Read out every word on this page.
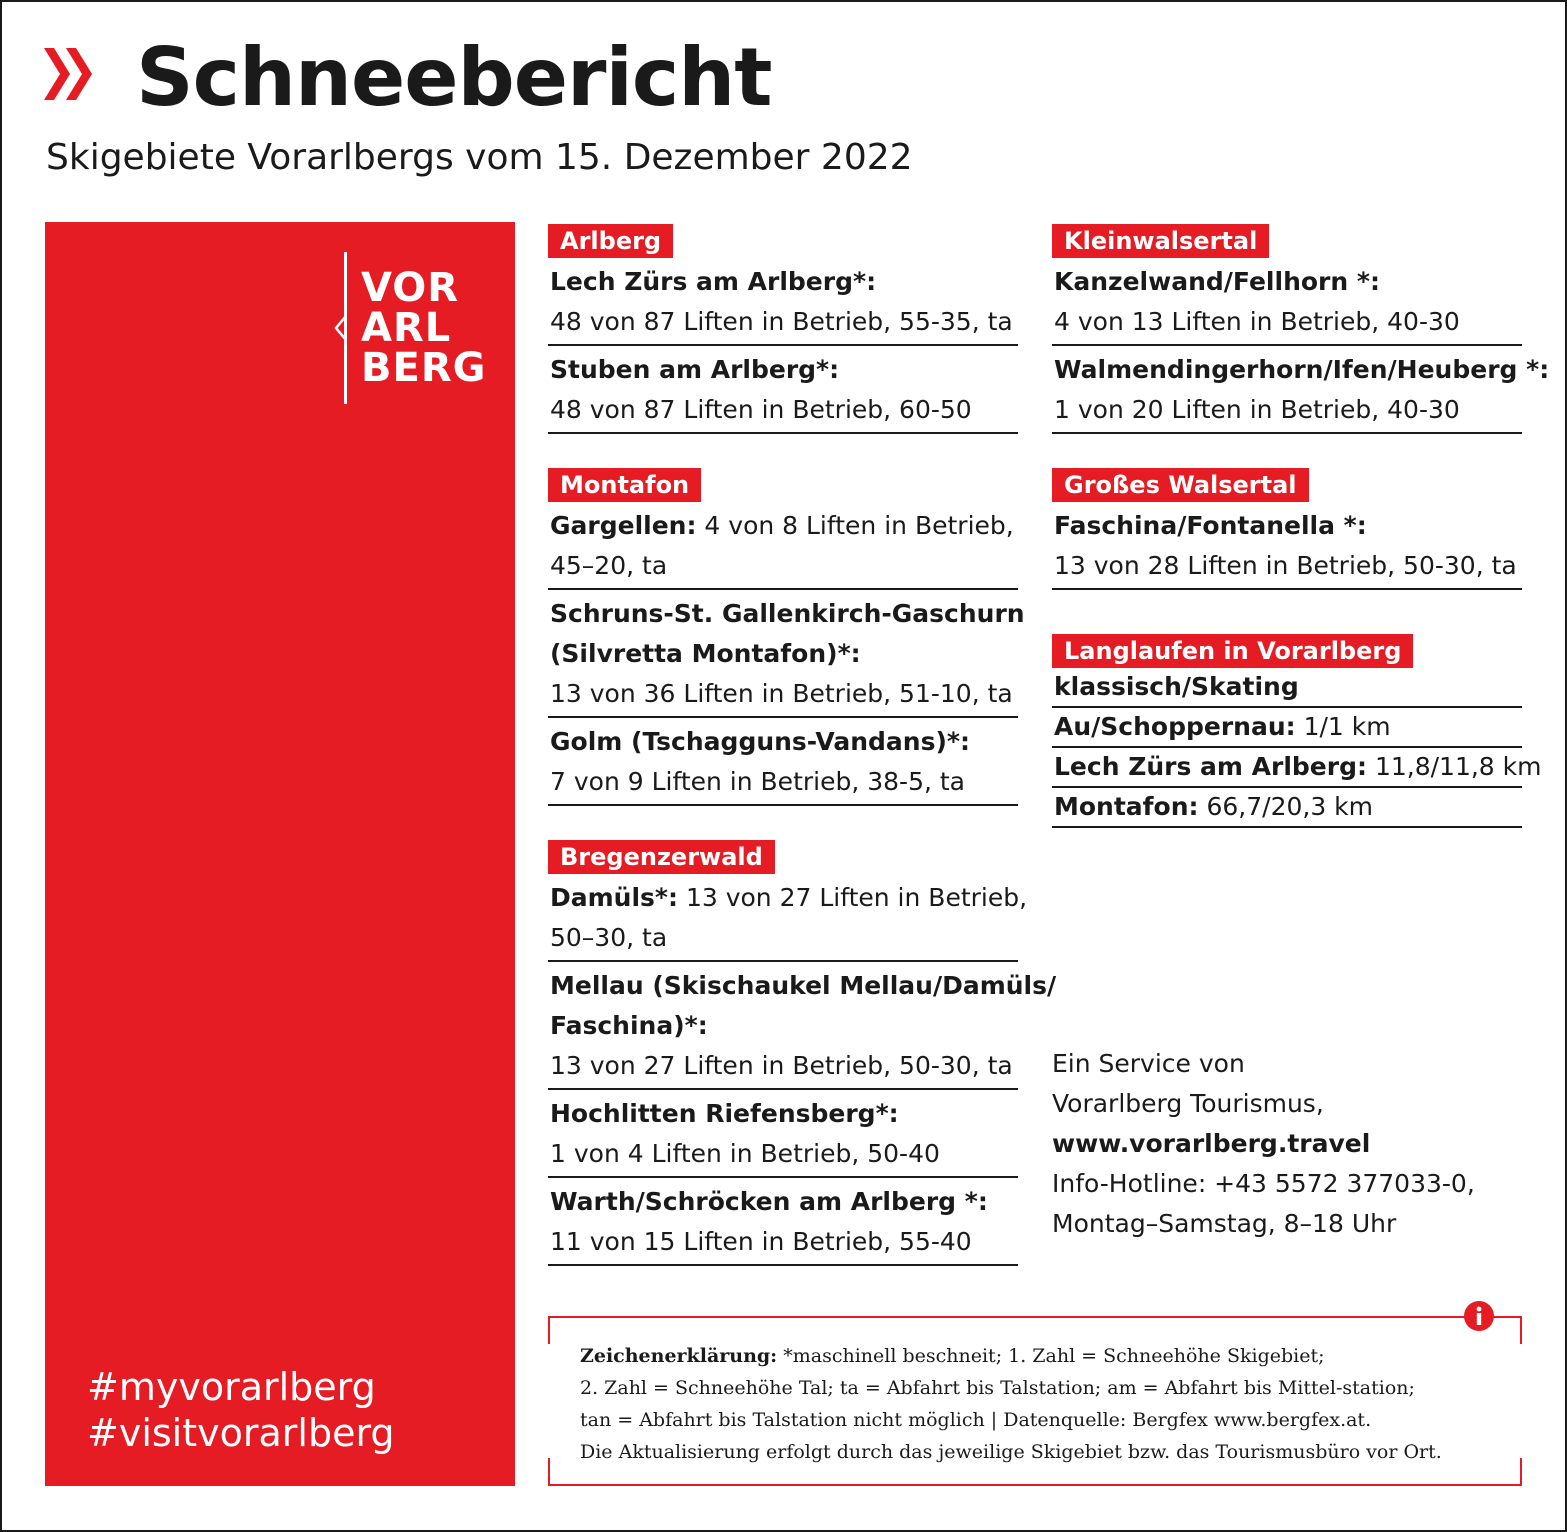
Schneebericht
Skigebiete Vorarlbergs vom 15. Dezember 2022
VOR
ARL
BERG
#myvorarlberg
#visitvorarlberg
Arlberg
Lech Zürs am Arlberg*:
48 von 87 Liften in Betrieb, 55-35, ta
Stuben am Arlberg*:
48 von 87 Liften in Betrieb, 60-50
Montafon
Gargellen: 4 von 8 Liften in Betrieb,
45–20, ta
Schruns-St. Gallenkirch-Gaschurn
(Silvretta Montafon)*:
13 von 36 Liften in Betrieb, 51-10, ta
Golm (Tschagguns-Vandans)*:
7 von 9 Liften in Betrieb, 38-5, ta
Bregenzerwald
Damüls*: 13 von 27 Liften in Betrieb,
50–30, ta
Mellau (Skischaukel Mellau/Damüls/
Faschina)*:
13 von 27 Liften in Betrieb, 50-30, ta
Hochlitten Riefensberg*:
1 von 4 Liften in Betrieb, 50-40
Warth/Schröcken am Arlberg *:
11 von 15 Liften in Betrieb, 55-40
Kleinwalsertal
Kanzelwand/Fellhorn *:
4 von 13 Liften in Betrieb, 40-30
Walmendingerhorn/Ifen/Heuberg *:
1 von 20 Liften in Betrieb, 40-30
Großes Walsertal
Faschina/Fontanella *:
13 von 28 Liften in Betrieb, 50-30, ta
Langlaufen in Vorarlberg
klassisch/Skating
Au/Schoppernau: 1/1 km
Lech Zürs am Arlberg: 11,8/11,8 km
Montafon: 66,7/20,3 km
Ein Service von
Vorarlberg Tourismus,
www.vorarlberg.travel
Info-Hotline: +43 5572 377033-0,
Montag–Samstag, 8–18 Uhr
Zeichenerklärung: *maschinell beschneit; 1. Zahl = Schneehöhe Skigebiet;
2. Zahl = Schneehöhe Tal; ta = Abfahrt bis Talstation; am = Abfahrt bis Mittel-station;
tan = Abfahrt bis Talstation nicht möglich | Datenquelle: Bergfex www.bergfex.at.
Die Aktualisierung erfolgt durch das jeweilige Skigebiet bzw. das Tourismusbüro vor Ort.
